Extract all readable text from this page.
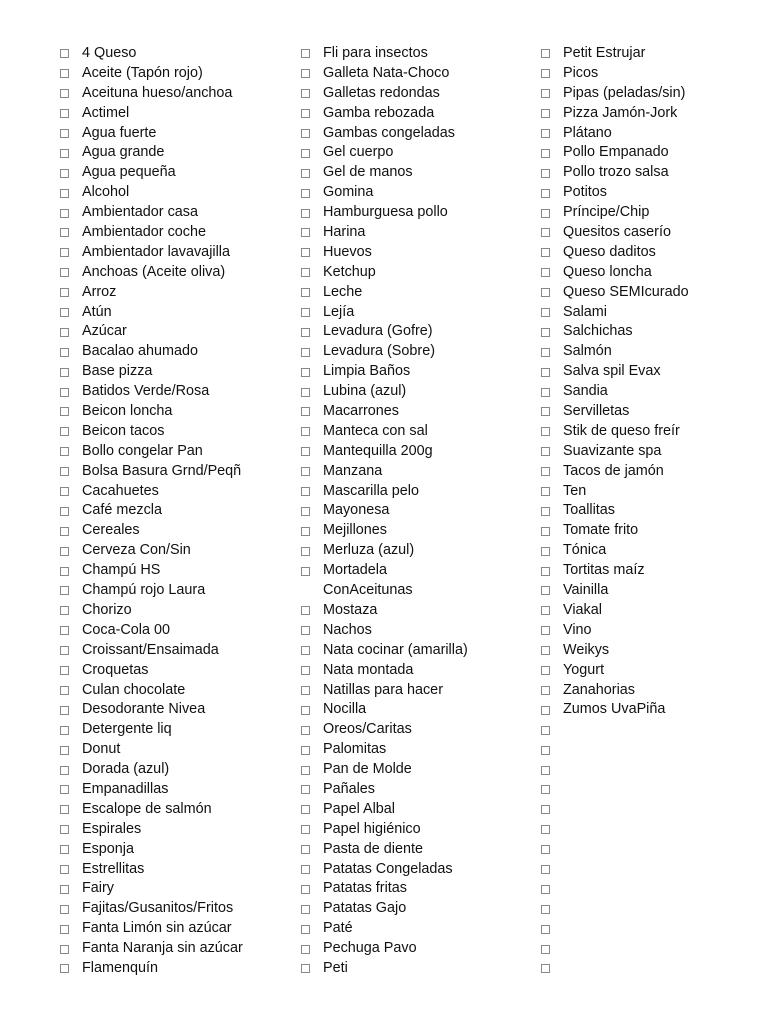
4 Queso
Aceite (Tapón rojo)
Aceituna hueso/anchoa
Actimel
Agua fuerte
Agua grande
Agua pequeña
Alcohol
Ambientador casa
Ambientador coche
Ambientador lavavajilla
Anchoas (Aceite oliva)
Arroz
Atún
Azúcar
Bacalao ahumado
Base pizza
Batidos Verde/Rosa
Beicon loncha
Beicon tacos
Bollo congelar Pan
Bolsa Basura Grnd/Peqñ
Cacahuetes
Café mezcla
Cereales
Cerveza Con/Sin
Champú HS
Champú rojo Laura
Chorizo
Coca-Cola 00
Croissant/Ensaimada
Croquetas
Culan chocolate
Desodorante Nivea
Detergente liq
Donut
Dorada (azul)
Empanadillas
Escalope de salmón
Espirales
Esponja
Estrellitas
Fairy
Fajitas/Gusanitos/Fritos
Fanta Limón sin azúcar
Fanta Naranja sin azúcar
Flamenquín
Fli para insectos
Galleta Nata-Choco
Galletas redondas
Gamba rebozada
Gambas congeladas
Gel cuerpo
Gel de manos
Gomina
Hamburguesa pollo
Harina
Huevos
Ketchup
Leche
Lejía
Levadura (Gofre)
Levadura (Sobre)
Limpia Baños
Lubina (azul)
Macarrones
Manteca con sal
Mantequilla 200g
Manzana
Mascarilla pelo
Mayonesa
Mejillones
Merluza (azul)
Mortadela
ConAceitunas
Mostaza
Nachos
Nata cocinar (amarilla)
Nata montada
Natillas para hacer
Nocilla
Oreos/Caritas
Palomitas
Pan de Molde
Pañales
Papel Albal
Papel higiénico
Pasta de diente
Patatas Congeladas
Patatas fritas
Patatas Gajo
Paté
Pechuga Pavo
Peti
Petit Estrujar
Picos
Pipas (peladas/sin)
Pizza Jamón-Jork
Plátano
Pollo Empanado
Pollo trozo salsa
Potitos
Príncipe/Chip
Quesitos caserío
Queso daditos
Queso loncha
Queso SEMIcurado
Salami
Salchichas
Salmón
Salva spil Evax
Sandia
Servilletas
Stik de queso freír
Suavizante spa
Tacos de jamón
Ten
Toallitas
Tomate frito
Tónica
Tortitas maíz
Vainilla
Viakal
Vino
Weikys
Yogurt
Zanahorias
Zumos UvaPiña
